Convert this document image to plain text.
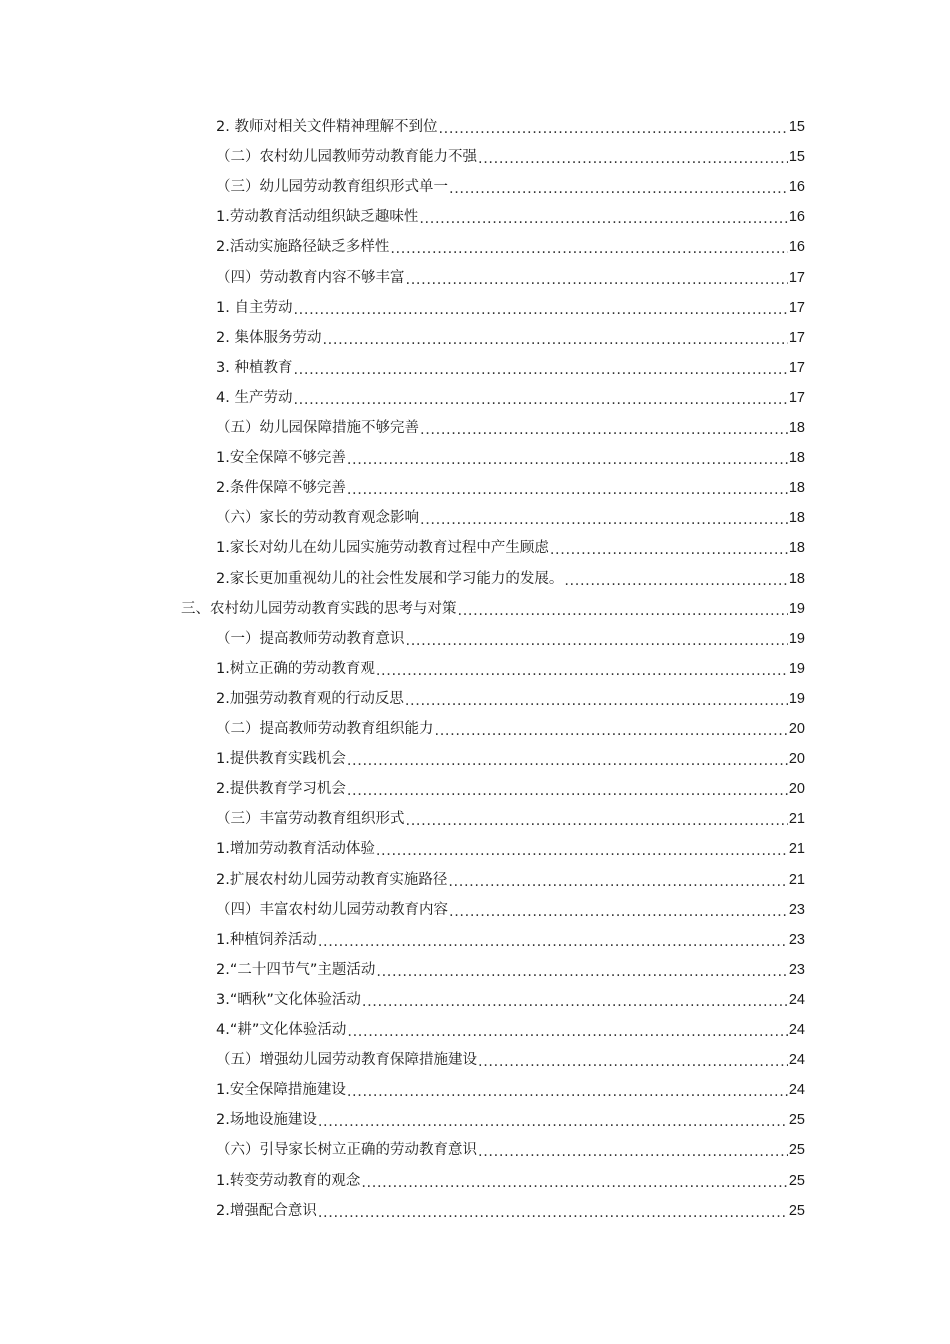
2. 教师对相关文件精神理解不到位 .....	15
（二）农村幼儿园教师劳动教育能力不强 .....	15
（三）幼儿园劳动教育组织形式单一 .....	16
1.劳动教育活动组织缺乏趣味性 .....	16
2.活动实施路径缺乏多样性 .....	16
（四）劳动教育内容不够丰富 .....	17
1. 自主劳动 .....	17
2. 集体服务劳动 .....	17
3. 种植教育 .....	17
4. 生产劳动 .....	17
（五）幼儿园保障措施不够完善 .....	18
1.安全保障不够完善 .....	18
2.条件保障不够完善 .....	18
（六）家长的劳动教育观念影响 .....	18
1.家长对幼儿在幼儿园实施劳动教育过程中产生顾虑 .....	18
2.家长更加重视幼儿的社会性发展和学习能力的发展。 .....	18
三、农村幼儿园劳动教育实践的思考与对策 .....	19
（一）提高教师劳动教育意识 .....	19
1.树立正确的劳动教育观 .....	19
2.加强劳动教育观的行动反思 .....	19
（二）提高教师劳动教育组织能力 .....	20
1.提供教育实践机会 .....	20
2.提供教育学习机会 .....	20
（三）丰富劳动教育组织形式 .....	21
1.增加劳动教育活动体验 .....	21
2.扩展农村幼儿园劳动教育实施路径 .....	21
（四）丰富农村幼儿园劳动教育内容 .....	23
1.种植饲养活动 .....	23
2.“二十四节气”主题活动 .....	23
3.“晒秋”文化体验活动 .....	24
4.“耕”文化体验活动 .....	24
（五）增强幼儿园劳动教育保障措施建设 .....	24
1.安全保障措施建设 .....	24
2.场地设施建设 .....	25
（六）引导家长树立正确的劳动教育意识 .....	25
1.转变劳动教育的观念 .....	25
2.增强配合意识 .....	25
